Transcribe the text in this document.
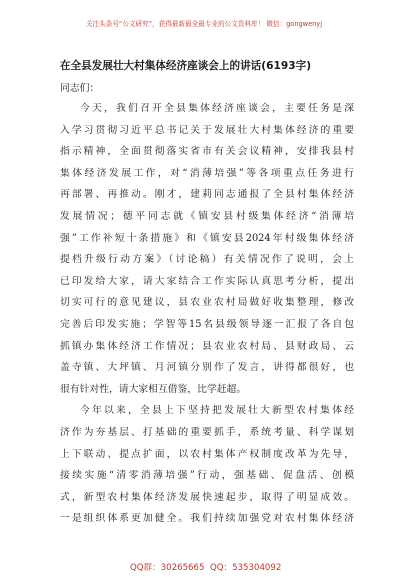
关注头条号“公文研究”，获得最新最全最专业的公文资料库！ 微信：gongwenyj
在全县发展壮大村集体经济座谈会上的讲话(6193字)
同志们：
今天，我们召开全县集体经济座谈会，主要任务是深
入学习贯彻习近平总书记关于发展壮大村集体经济的重要
指示精神，全面贯彻落实省市有关会议精神，安排我县村
集体经济发展工作，对“消薄培强”等各项重点任务进行
再部署、再推动。刚才，建莉同志通报了全县村集体经济
发展情况；德平同志就《镇安县村级集体经济“消薄培
强”工作补短十条措施》和《镇安县2024年村级集体经济
提档升级行动方案》（讨论稿）有关情况作了说明，会上
已印发给大家，请大家结合工作实际认真思考分析，提出
切实可行的意见建议，县农业农村局做好收集整理，修改
完善后印发实施；学智等15名县级领导逐一汇报了各自包
抓镇办集体经济工作情况；县农业农村局、县财政局、云
盖寺镇、大坪镇、月河镇分别作了发言，讲得都很好，也
很有针对性，请大家相互借鉴，比学赶超。
今年以来，全县上下坚持把发展壮大新型农村集体经
济作为夯基层、打基础的重要抓手，系统考量、科学谋划
上下联动、提点扩面，以农村集体产权制度改革为先导，
接续实施“清零消薄培强”行动，强基础、促盘活、创模
式，新型农村集体经济发展快速起步，取得了明显成效。
一是组织体系更加健全。我们持续加强党对农村集体经济
QQ群：30265665 QQ：535304092
